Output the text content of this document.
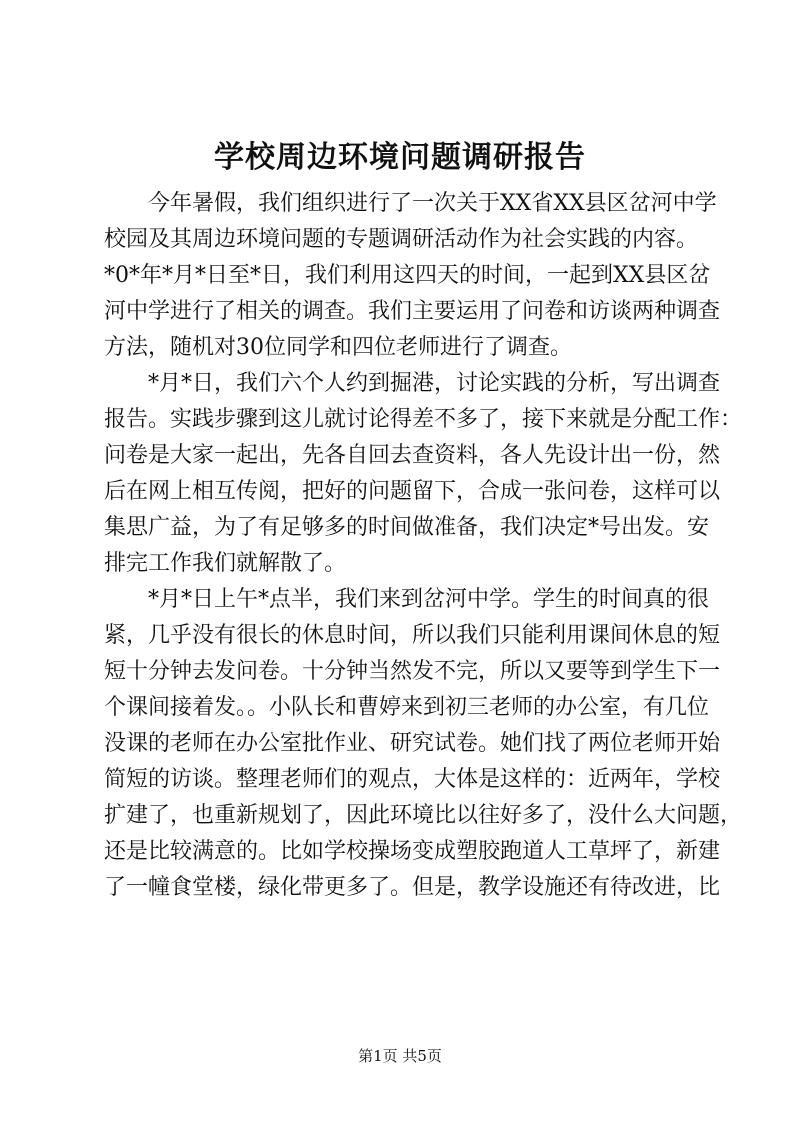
学校周边环境问题调研报告

今年暑假，我们组织进行了一次关于XX省XX县区岔河中学

校园及其周边环境问题的专题调研活动作为社会实践的内容。

*0*年*月*日至*日，我们利用这四天的时间，一起到XX县区岔

河中学进行了相关的调查。我们主要运用了问卷和访谈两种调查

方法，随机对30位同学和四位老师进行了调查。

*月*日，我们六个人约到掘港，讨论实践的分析，写出调查

报告。实践步骤到这儿就讨论得差不多了，接下来就是分配工作：

问卷是大家一起出，先各自回去查资料，各人先设计出一份，然

后在网上相互传阅，把好的问题留下，合成一张问卷，这样可以

集思广益，为了有足够多的时间做准备，我们决定*号出发。安

排完工作我们就解散了。

*月*日上午*点半，我们来到岔河中学。学生的时间真的很

紧，几乎没有很长的休息时间，所以我们只能利用课间休息的短

短十分钟去发问卷。十分钟当然发不完，所以又要等到学生下一

个课间接着发。。小队长和曹婷来到初三老师的办公室，有几位

没课的老师在办公室批作业、研究试卷。她们找了两位老师开始

简短的访谈。整理老师们的观点，大体是这样的：近两年，学校

扩建了，也重新规划了，因此环境比以往好多了，没什么大问题，

还是比较满意的。比如学校操场变成塑胶跑道人工草坪了，新建

了一幢食堂楼，绿化带更多了。但是，教学设施还有待改进，比

第1页 共5页
